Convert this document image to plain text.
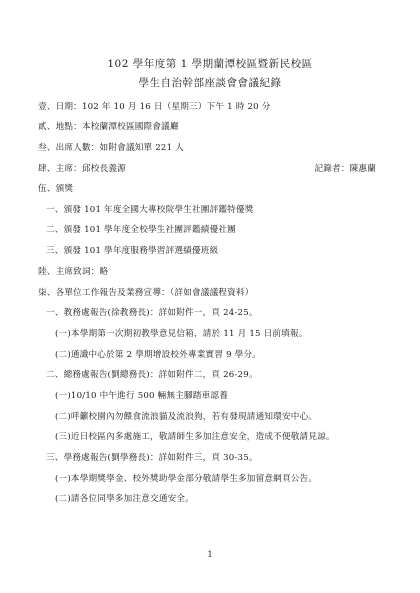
102 學年度第 1 學期蘭潭校區暨新民校區
學生自治幹部座談會會議紀錄
壹、日期：102 年 10 月 16 日（星期三）下午 1 時 20 分
貳、地點：本校蘭潭校區國際會議廳
叁、出席人數：如附會議知單 221 人
肆、主席：邱校長義源	記錄者：陳惠蘭
伍、頒獎
一、頒發 101 年度全國大專校院學生社團評鑑特優獎
二、頒發 101 學年度全校學生社團評鑑績優社團
三、頒發 101 學年度服務學習評選績優班級
陸、主席致詞：略
柒、各單位工作報告及業務宣導：（詳如會議議程資料）
一、教務處報告(徐教務長)：詳如附件一，頁 24-25。
(一)本學期第一次期初教學意見信箱，請於 11 月 15 日前填報。
(二)通識中心於第 2 學期增設校外專業實習 9 學分。
二、總務處報告(劉總務長)：詳如附件二，頁 26-29。
(一)10/10 中午進行 500 輛無主腳踏車認養
(二)呼籲校園內勿餵食流浪貓及流浪狗，若有發現請通知環安中心。
(三)近日校區內多處施工，敬請師生多加注意安全，造成不便敬請見諒。
三、學務處報告(劉學務長)：詳如附件三，頁 30-35。
(一)本學期獎學金、校外獎助學金部分敬請學生多加留意網頁公告。
(二)請各位同學多加注意交通安全。
1
